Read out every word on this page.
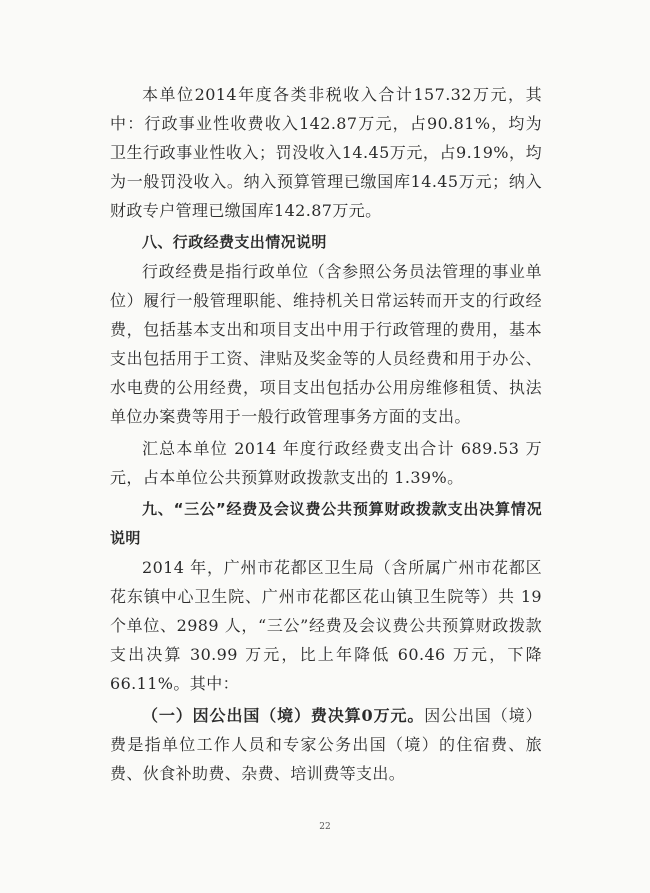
本单位2014年度各类非税收入合计157.32万元，其中：行政事业性收费收入142.87万元，占90.81%，均为卫生行政事业性收入；罚没收入14.45万元，占9.19%，均为一般罚没收入。纳入预算管理已缴国库14.45万元；纳入财政专户管理已缴国库142.87万元。

八、行政经费支出情况说明

行政经费是指行政单位（含参照公务员法管理的事业单位）履行一般管理职能、维持机关日常运转而开支的行政经费，包括基本支出和项目支出中用于行政管理的费用，基本支出包括用于工资、津贴及奖金等的人员经费和用于办公、水电费的公用经费，项目支出包括办公用房维修租赁、执法单位办案费等用于一般行政管理事务方面的支出。

汇总本单位 2014 年度行政经费支出合计 689.53 万元，占本单位公共预算财政拨款支出的 1.39%。

九、“三公”经费及会议费公共预算财政拨款支出决算情况说明

2014 年，广州市花都区卫生局（含所属广州市花都区花东镇中心卫生院、广州市花都区花山镇卫生院等）共 19 个单位、2989 人，“三公”经费及会议费公共预算财政拨款支出决算 30.99 万元，比上年降低 60.46 万元，下降 66.11%。其中：

（一）因公出国（境）费决算0万元。因公出国（境）费是指单位工作人员和专家公务出国（境）的住宿费、旅费、伙食补助费、杂费、培训费等支出。

22
